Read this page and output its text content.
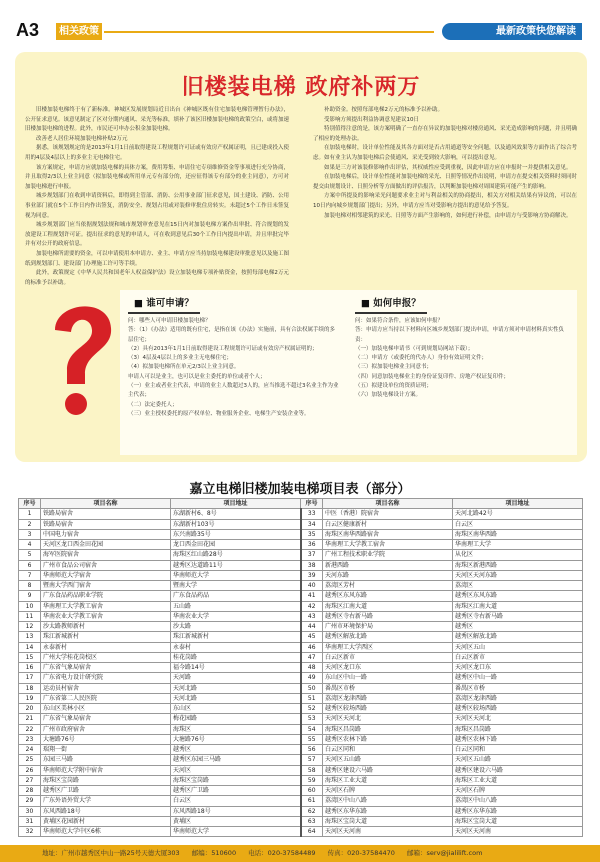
A3	相关政策	最新政策快您解读
旧楼装电梯 政府补两万

旧楼加装电梯终于有了新标准。神城区发展规划局近日出台《神城区既有住宅加装电梯管理暂行办法》，公开征求意见。该意见制定了区对分期内通风、采光等标准，填补了该区旧楼加装电梯的政策空白，或将加速旧楼加装电梯的进程。此外，市民还可申办公积金加装电梯。

改善老人居住环境加装电梯补贴2万元

据悉，该规划规定的是2013年1月1日前取得建设工程规划许可证或有效房产权属证明，且已建成投入使用的4层及4层以上的多业主无电梯住宅。

该方案规定，申请方应就加装电梯的具体方案，费用筹集、申请住宅专项维修资金等事项进行充分协商，并且取得2/3以上业主同意（拟加装电梯或所用单元专有部分的，还应征得该专有部分的业主同意），方可对加装电梯进行申报。

城乡规划部门在收到申请资料后，即得到主管部、消防、公用事业部门征求意见，国土建设、消防、公用事业部门就在5个工作日内作出签复，消防安全、规划占用或对装修审批住房转实。未超过5个工作日未签复视为同意。

城乡规划部门应当依据规划法规和城市规划审查意见在15日内对加装电梯方案作出审批、符合规划的发放建设工程规划许可证。提出征求的意见的申请人，可在收到意见后30个工作日内提出申请，并且审批完毕并有对公开的政府信息。

加装电梯所需要的资金，可以申请使用本申请方、业主、申请方应当持加装电梯建设审批意见以及施工图纸到规划部门、建设部门办理施工许可等手续。

此外，政策规定《中华人民共和国老年人权益保护法》设立加装电梯专项补贴资金，按照每部电梯2万元的标准予以补助。

补助资金。按照每部电梯2万元的标准予以补助。

受影响方须提出利益协调意见建议10日

特别值得注意的是，该方案明确了一直存在异议的加装电梯对楼房通风、采光造成影响的问题，并且明确了相应的处理办法。

在加装电梯时，设计单位性能及其各方面对是否占用通道等安全问题，以及通风效果等方面作出了综合考虑。如有业主认为加装电梯后会使通风、采光受到较大影响，可以提出意见。

如果是三方对该装修影响作出评估，其权威性应受到重视，因此申请方应在申报时一并提供相关意见。

在加装电梯后，设计单位性能对加装电梯的采光、日照等情况作出说明，申请方在提交相关资料时须同时提交由规划设计、日照分析等方面做出的评估报告，以判断加装电梯对周围建筑可能产生的影响。

方案中所提及的影响采光问题要求业主对与利益相关的协商提出，相关方对相关结果有异议的，可以在10日内向城乡规划部门提出；另外，申请方应当对受影响方提出的意见给予答复。

加装电梯对相邻建筑的采光、日照等方面产生影响的，如何进行补偿，由申请方与受影响方协商解决。

■ 谁可申请？
问：哪些人可申请旧楼加装电梯？
答：（1）《办法》适用的既有住宅，是指在该《办法》实施前，具有合法权属手续的多层住宅；
（2）具有2013年1月1日前取得建设工程规划许可证或有效房产权属证明的；
（3）4层及4层以上的多业主无电梯住宅；
（4）拟加装电梯所在单元2/3以上业主同意。
申请人可以是业主，也可以是业主委托的单位或者个人；
（一）业主或者业主代表，申请的业主人数超过3人的，应当推选不超过3名业主作为业主代表；
（二）法定委托人；
（三）业主授权委托的原产权单位、物业服务企业、电梯生产安装企业等。
■ 如何申报？
问：如果符合条件，应该如何申报？
答：申请方应当持以下材料向区城乡规划部门提出申请，申请方须对申请材料真实性负责：
（一）加装电梯申请书（可到规划局网站下载）；
（二）申请方（或委托的代办人）身份有效证明文件；
（三）拟加装电梯业主同意书；
（四）同意加装电梯业主的身份证复印件、房地产权证复印件；
（五）拟建设单位的资质证明；
（六）加装电梯设计方案。
嘉立电梯旧楼加装电梯项目表（部分）
序号	项目名称	项目地址	序号	项目名称	项目地址
1	铁路局宿舍	东湖新村6、8号	33	中医（香港）院宿舍	天河北路42号
2	铁路局宿舍	东湖新村103号	34	白云区健康新村	白云区
3	中国电力宿舍	东兴南路35号	35	海珠区南华西路宿舍	海珠区南华西路
4	天河区龙口西金田花园	龙口西金田花园	36	华南理工大学教工宿舍	华南理工大学
5	海军医院宿舍	海珠区红山路28号	37	广州工程技术职业学院	从化区
6	广州市食品公司宿舍	越秀区达道路11号	38	新港西路	海珠区新港西路
7	华南师范大学宿舍	华南师范大学	39	天河东路	天河区天河东路
8	暨南大学西门宿舍	暨南大学	40	荔湾区芳村	荔湾区
9	广东食品药品职业学院	广东食品药品	41	越秀区东风东路	越秀区东风东路
10	华南理工大学教工宿舍	五山路	42	海珠区江南大道	海珠区江南大道
11	华南农业大学教工宿舍	华南农业大学	43	越秀区寺右新马路	越秀区寺右新马路
12	沙太路教师新村	沙太路	44	广州市环境保护局	越秀区
13	珠江新城新村	珠江新城新村	45	越秀区解放北路	越秀区解放北路
14	永泰新村	永泰村	46	华南理工大学西区	天河区五山
15	广州大学桂花岗校区	桂花岗路	47	白云区新市	白云区新市
16	广东省气象局宿舍	福今路14号	48	天河区龙口东	天河区龙口东
17	广东省电力设计研究院	天河路	49	东山区中山一路	越秀区中山一路
18	运动员村宿舍	天河北路	50	番禺区市桥	番禺区市桥
19	广东省第二人民医院	天河北路	51	荔湾区龙津西路	荔湾区龙津西路
20	东山区美林小区	东山区	52	越秀区较场西路	越秀区较场西路
21	广东省气象局宿舍	梅花园路	53	天河区天河北	天河区天河北
22	广州市政府宿舍	海珠区	54	海珠区昌岗路	海珠区昌岗路
23	大塘路76号	大塘路76号	55	越秀区农林下路	越秀区农林下路
24	瑞翔一街	越秀区	56	白云区同和	白云区同和
25	东园三马路	越秀区东园三马路	57	天河区五山路	天河区五山路
26	华南师范大学附中宿舍	天河区	58	越秀区建设六马路	越秀区建设六马路
27	海珠区宝岗路	海珠区宝岗路	59	海珠区工业大道	海珠区工业大道
28	越秀区广卫路	越秀区广卫路	60	天河区石牌	天河区石牌
29	广东外语外贸大学	白云区	61	荔湾区中山八路	荔湾区中山八路
30	东风西路18号	东风西路18号	62	越秀区东华东路	越秀区东华东路
31	黄埔区花园新村	黄埔区	63	海珠区宝岗大道	海珠区宝岗大道
32	华南师范大学中区6栋	华南师范大学	64	天河区天河南	天河区天河南
地址：广州市越秀区中山一路25号天德大厦303 邮编：510600 电话：020-37584489 传真：020-37584470 邮箱：serv@jialilift.com
